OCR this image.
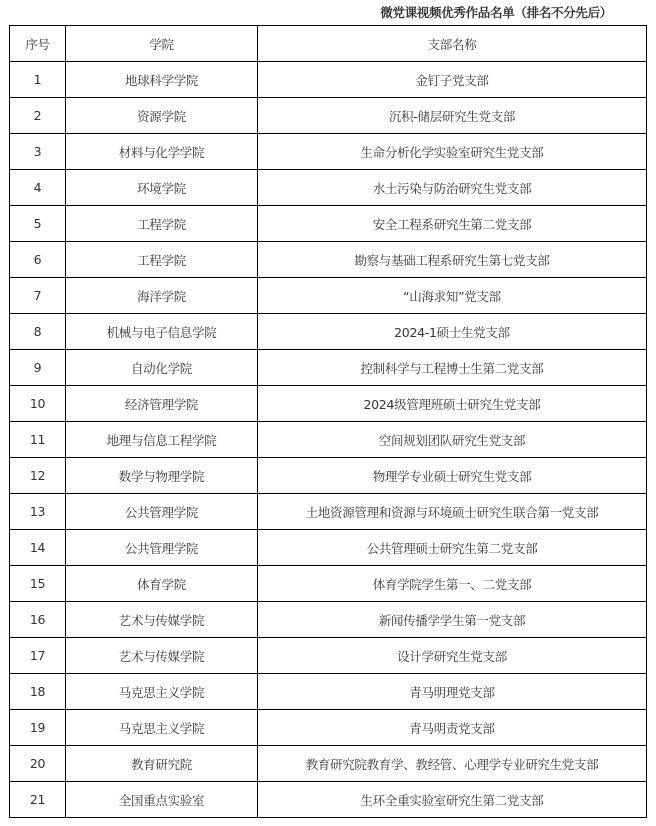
微党课视频优秀作品名单（排名不分先后）
序号	学院	支部名称
1	地球科学学院	金钉子党支部
2	资源学院	沉积-储层研究生党支部
3	材料与化学学院	生命分析化学实验室研究生党支部
4	环境学院	水土污染与防治研究生党支部
5	工程学院	安全工程系研究生第二党支部
6	工程学院	勘察与基础工程系研究生第七党支部
7	海洋学院	“山海求知”党支部
8	机械与电子信息学院	2024-1硕士生党支部
9	自动化学院	控制科学与工程博士生第二党支部
10	经济管理学院	2024级管理班硕士研究生党支部
11	地理与信息工程学院	空间规划团队研究生党支部
12	数学与物理学院	物理学专业硕士研究生党支部
13	公共管理学院	土地资源管理和资源与环境硕士研究生联合第一党支部
14	公共管理学院	公共管理硕士研究生第二党支部
15	体育学院	体育学院学生第一、二党支部
16	艺术与传媒学院	新闻传播学学生第一党支部
17	艺术与传媒学院	设计学研究生党支部
18	马克思主义学院	青马明理党支部
19	马克思主义学院	青马明责党支部
20	教育研究院	教育研究院教育学、教经管、心理学专业研究生党支部
21	全国重点实验室	生环全重实验室研究生第二党支部
